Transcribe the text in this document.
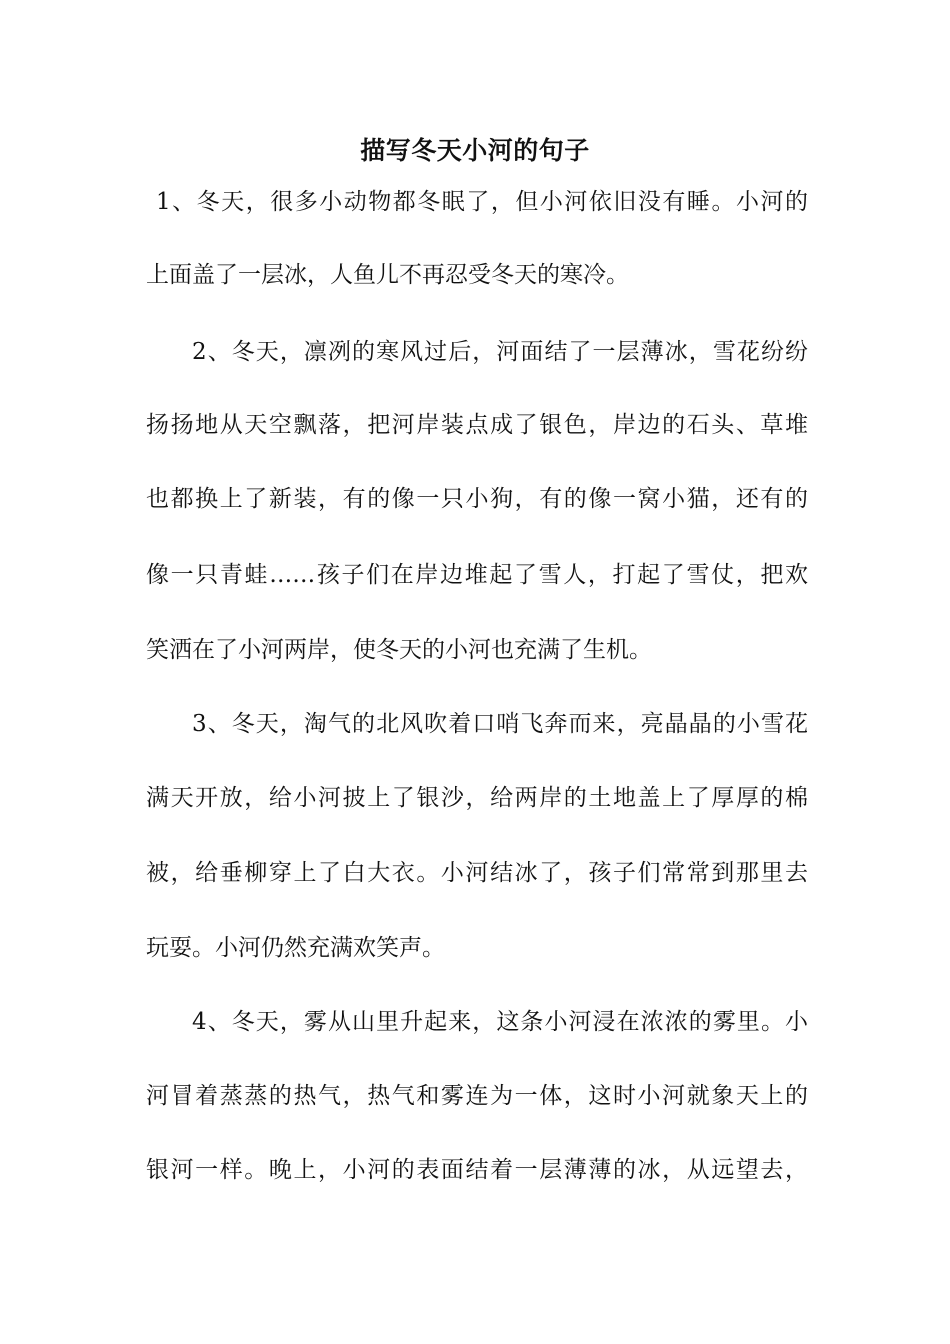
描写冬天小河的句子

1、冬天，很多小动物都冬眠了，但小河依旧没有睡。小河的

上面盖了一层冰，人鱼儿不再忍受冬天的寒冷。

2、冬天，凛冽的寒风过后，河面结了一层薄冰，雪花纷纷

扬扬地从天空飘落，把河岸装点成了银色，岸边的石头、草堆

也都换上了新装，有的像一只小狗，有的像一窝小猫，还有的

像一只青蛙……孩子们在岸边堆起了雪人，打起了雪仗，把欢

笑洒在了小河两岸，使冬天的小河也充满了生机。

3、冬天，淘气的北风吹着口哨飞奔而来，亮晶晶的小雪花

满天开放，给小河披上了银沙，给两岸的土地盖上了厚厚的棉

被，给垂柳穿上了白大衣。小河结冰了，孩子们常常到那里去

玩耍。小河仍然充满欢笑声。

4、冬天，雾从山里升起来，这条小河浸在浓浓的雾里。小

河冒着蒸蒸的热气，热气和雾连为一体，这时小河就象天上的

银河一样。晚上，小河的表面结着一层薄薄的冰，从远望去，
